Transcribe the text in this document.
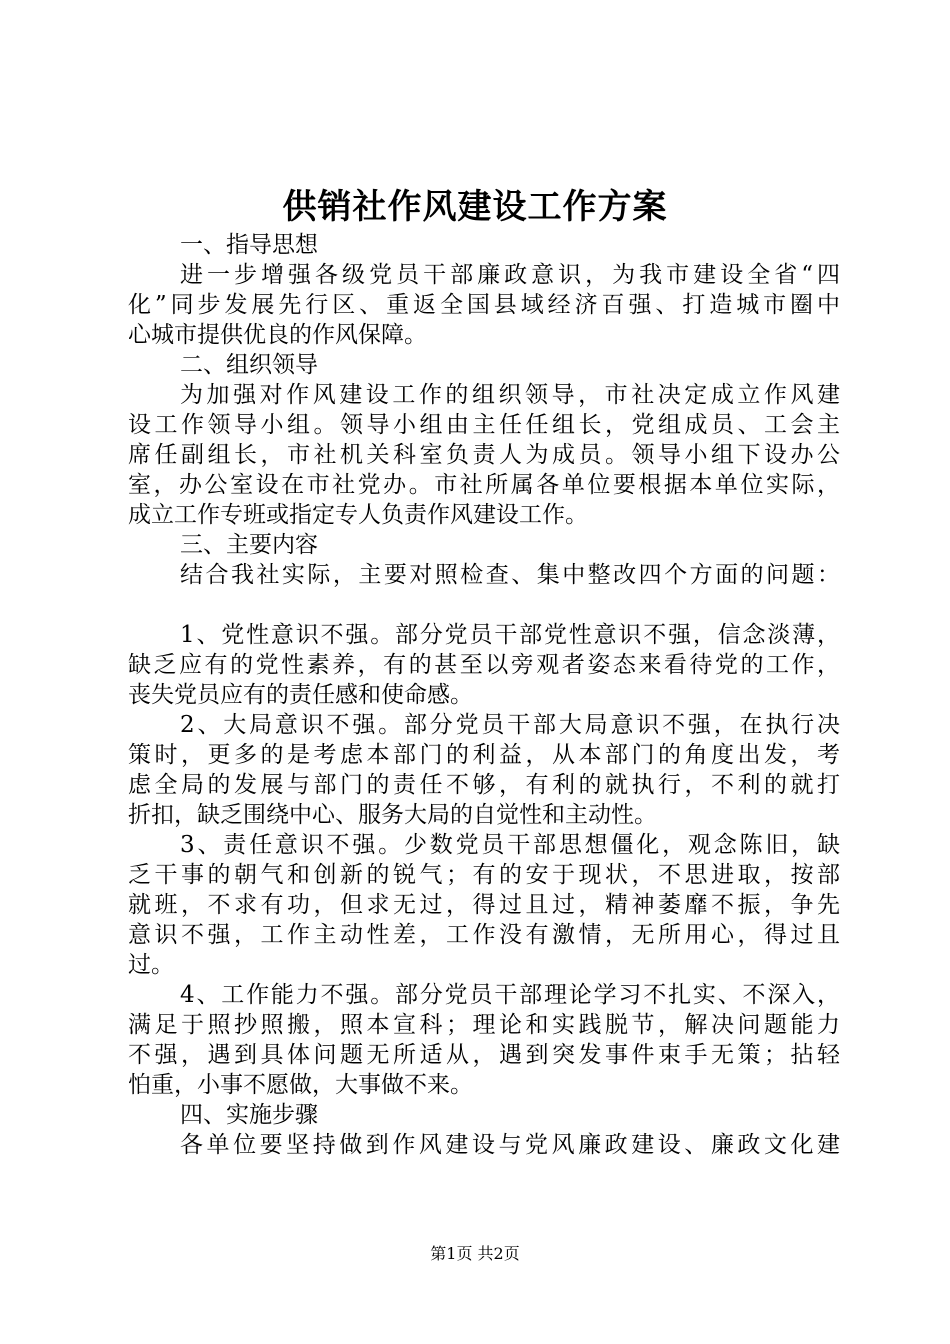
供销社作风建设工作方案
一、指导思想
进一步增强各级党员干部廉政意识，为我市建设全省“四
化”同步发展先行区、重返全国县域经济百强、打造城市圈中
心城市提供优良的作风保障。
二、组织领导
为加强对作风建设工作的组织领导，市社决定成立作风建
设工作领导小组。领导小组由主任任组长，党组成员、工会主
席任副组长，市社机关科室负责人为成员。领导小组下设办公
室，办公室设在市社党办。市社所属各单位要根据本单位实际，
成立工作专班或指定专人负责作风建设工作。
三、主要内容
结合我社实际，主要对照检查、集中整改四个方面的问题：
1、党性意识不强。部分党员干部党性意识不强，信念淡薄，
缺乏应有的党性素养，有的甚至以旁观者姿态来看待党的工作，
丧失党员应有的责任感和使命感。
2、大局意识不强。部分党员干部大局意识不强，在执行决
策时，更多的是考虑本部门的利益，从本部门的角度出发，考
虑全局的发展与部门的责任不够，有利的就执行，不利的就打
折扣，缺乏围绕中心、服务大局的自觉性和主动性。
3、责任意识不强。少数党员干部思想僵化，观念陈旧，缺
乏干事的朝气和创新的锐气；有的安于现状，不思进取，按部
就班，不求有功，但求无过，得过且过，精神萎靡不振，争先
意识不强，工作主动性差，工作没有激情，无所用心，得过且
过。
4、工作能力不强。部分党员干部理论学习不扎实、不深入，
满足于照抄照搬，照本宣科；理论和实践脱节，解决问题能力
不强，遇到具体问题无所适从，遇到突发事件束手无策；拈轻
怕重，小事不愿做，大事做不来。
四、实施步骤
各单位要坚持做到作风建设与党风廉政建设、廉政文化建
第1页 共2页
